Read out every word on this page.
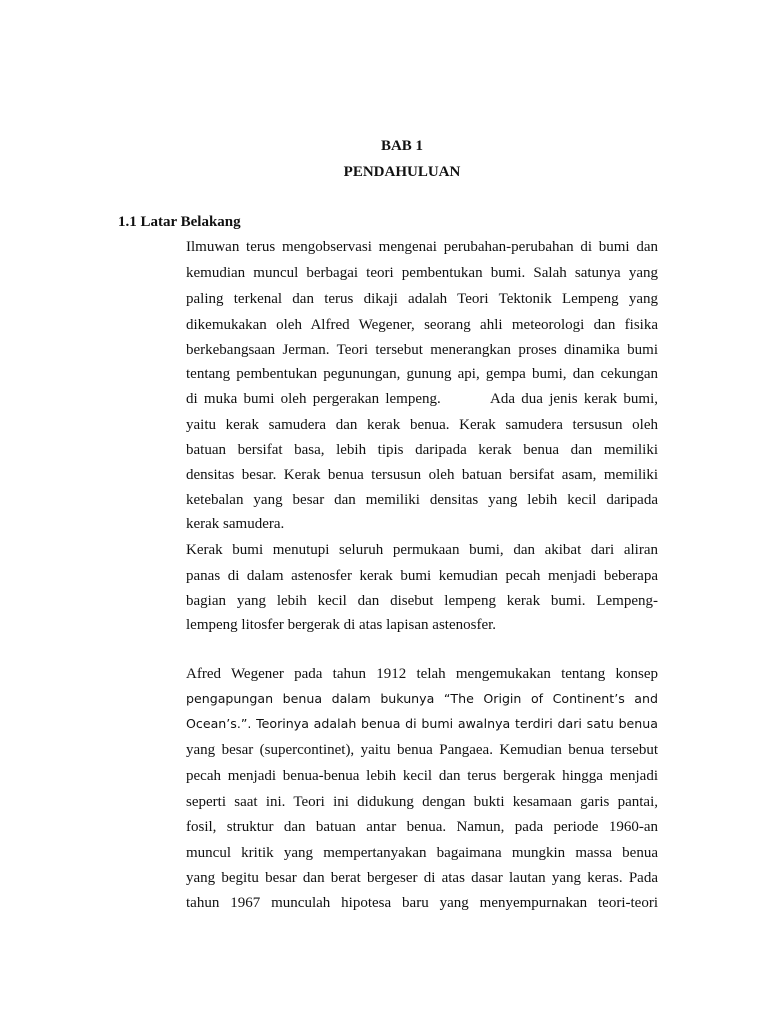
BAB 1
PENDAHULUAN
1.1 Latar Belakang
Ilmuwan terus mengobservasi mengenai perubahan-perubahan di bumi dan
kemudian muncul berbagai teori pembentukan bumi. Salah satunya yang
paling terkenal dan terus dikaji adalah Teori Tektonik Lempeng yang
dikemukakan oleh Alfred Wegener, seorang ahli meteorologi dan fisika
berkebangsaan Jerman. Teori tersebut menerangkan proses dinamika bumi
tentang pembentukan pegunungan, gunung api, gempa bumi, dan cekungan
di muka bumi oleh pergerakan lempeng.        Ada dua jenis kerak bumi,
yaitu kerak samudera dan kerak benua. Kerak samudera tersusun oleh
batuan bersifat basa, lebih tipis daripada kerak benua dan memiliki
densitas besar. Kerak benua tersusun oleh batuan bersifat asam, memiliki
ketebalan yang besar dan memiliki densitas yang lebih kecil daripada
kerak samudera.
Kerak bumi menutupi seluruh permukaan bumi, dan akibat dari aliran
panas di dalam astenosfer kerak bumi kemudian pecah menjadi beberapa
bagian yang lebih kecil dan disebut lempeng kerak bumi. Lempeng-
lempeng litosfer bergerak di atas lapisan astenosfer.
Afred Wegener pada tahun 1912 telah mengemukakan tentang konsep
pengapungan benua dalam bukunya “The Origin of Continent’s and
Ocean’s.”. Teorinya adalah benua di bumi awalnya terdiri dari satu benua
yang besar (supercontinet), yaitu benua Pangaea. Kemudian benua tersebut
pecah menjadi benua-benua lebih kecil dan terus bergerak hingga menjadi
seperti saat ini. Teori ini didukung dengan bukti kesamaan garis pantai,
fosil, struktur dan batuan antar benua. Namun, pada periode 1960-an
muncul kritik yang mempertanyakan bagaimana mungkin massa benua
yang begitu besar dan berat bergeser di atas dasar lautan yang keras. Pada
tahun 1967 munculah hipotesa baru yang menyempurnakan teori-teori
